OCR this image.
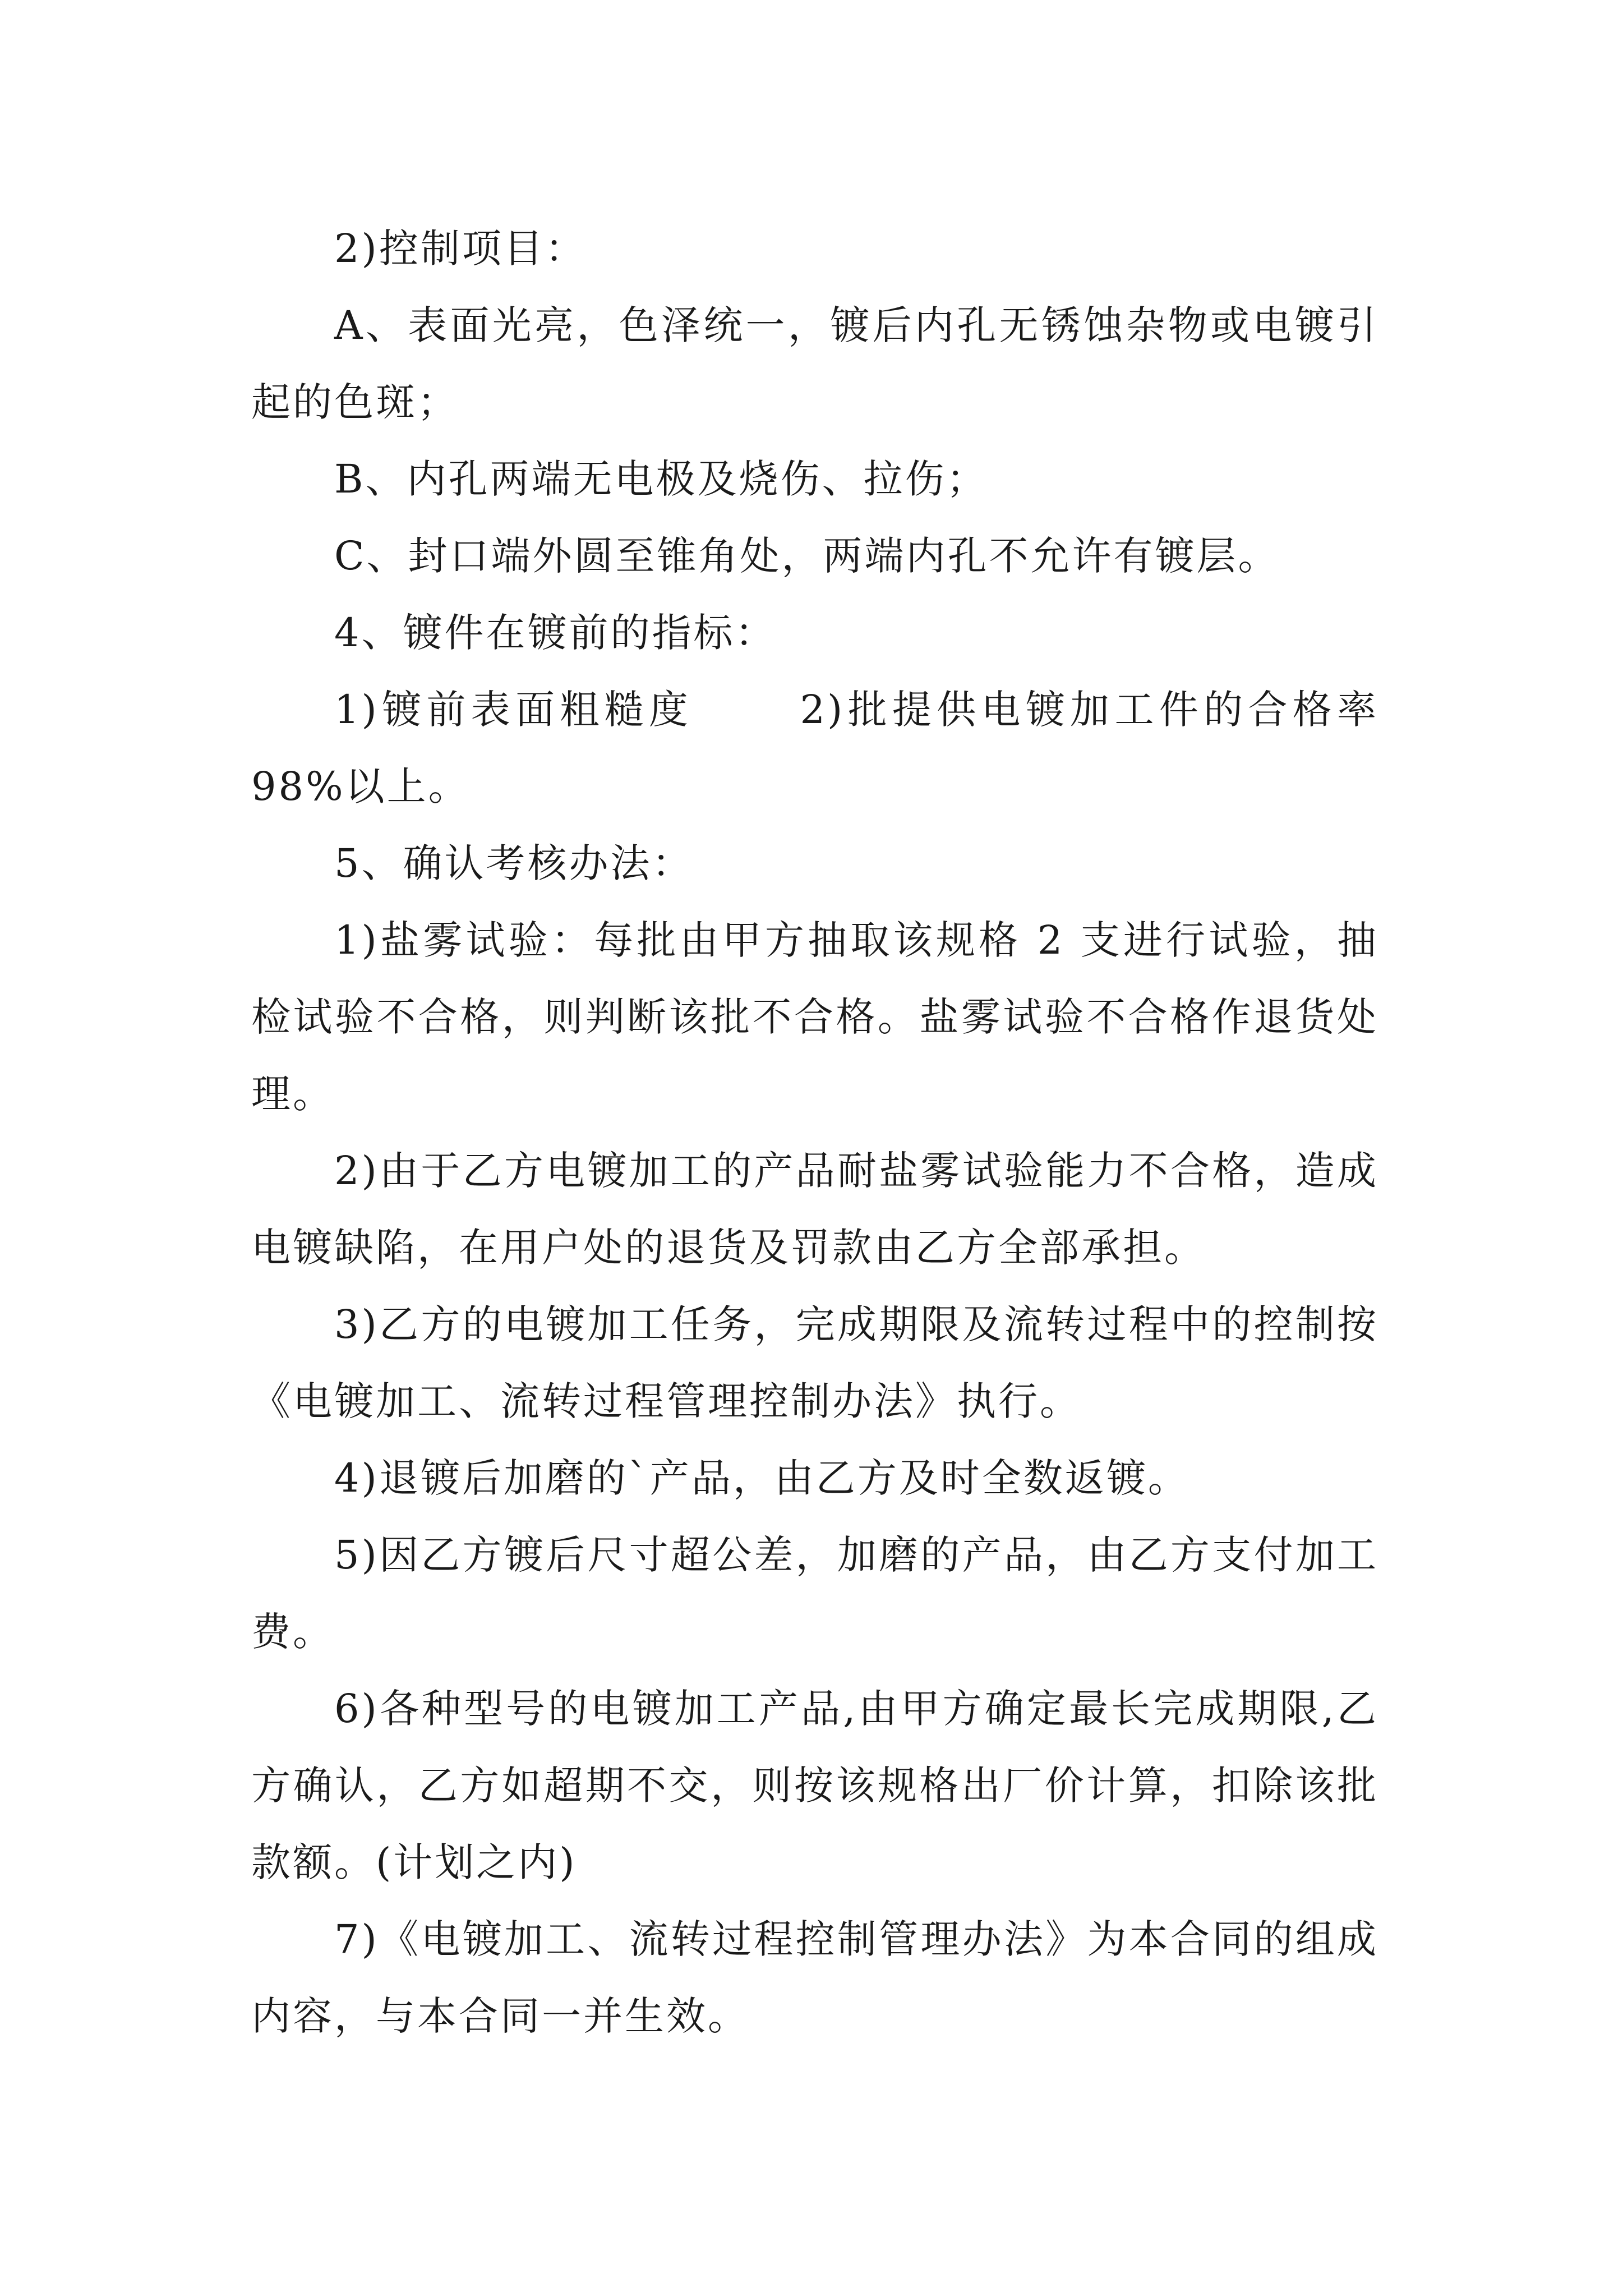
2)控制项目：

A、表面光亮，色泽统一，镀后内孔无锈蚀杂物或电镀引起的色斑；

B、内孔两端无电极及烧伤、拉伤；

C、封口端外圆至锥角处，两端内孔不允许有镀层。

4、镀件在镀前的指标：

1)镀前表面粗糙度　　 2)批提供电镀加工件的合格率98%以上。

5、确认考核办法：

1)盐雾试验：每批由甲方抽取该规格 2 支进行试验，抽检试验不合格，则判断该批不合格。盐雾试验不合格作退货处理。

2)由于乙方电镀加工的产品耐盐雾试验能力不合格，造成电镀缺陷，在用户处的退货及罚款由乙方全部承担。

3)乙方的电镀加工任务，完成期限及流转过程中的控制按《电镀加工、流转过程管理控制办法》执行。

4)退镀后加磨的`产品，由乙方及时全数返镀。

5)因乙方镀后尺寸超公差，加磨的产品，由乙方支付加工费。

6)各种型号的电镀加工产品,由甲方确定最长完成期限,乙方确认，乙方如超期不交，则按该规格出厂价计算，扣除该批款额。(计划之内)

7)《电镀加工、流转过程控制管理办法》为本合同的组成内容，与本合同一并生效。
